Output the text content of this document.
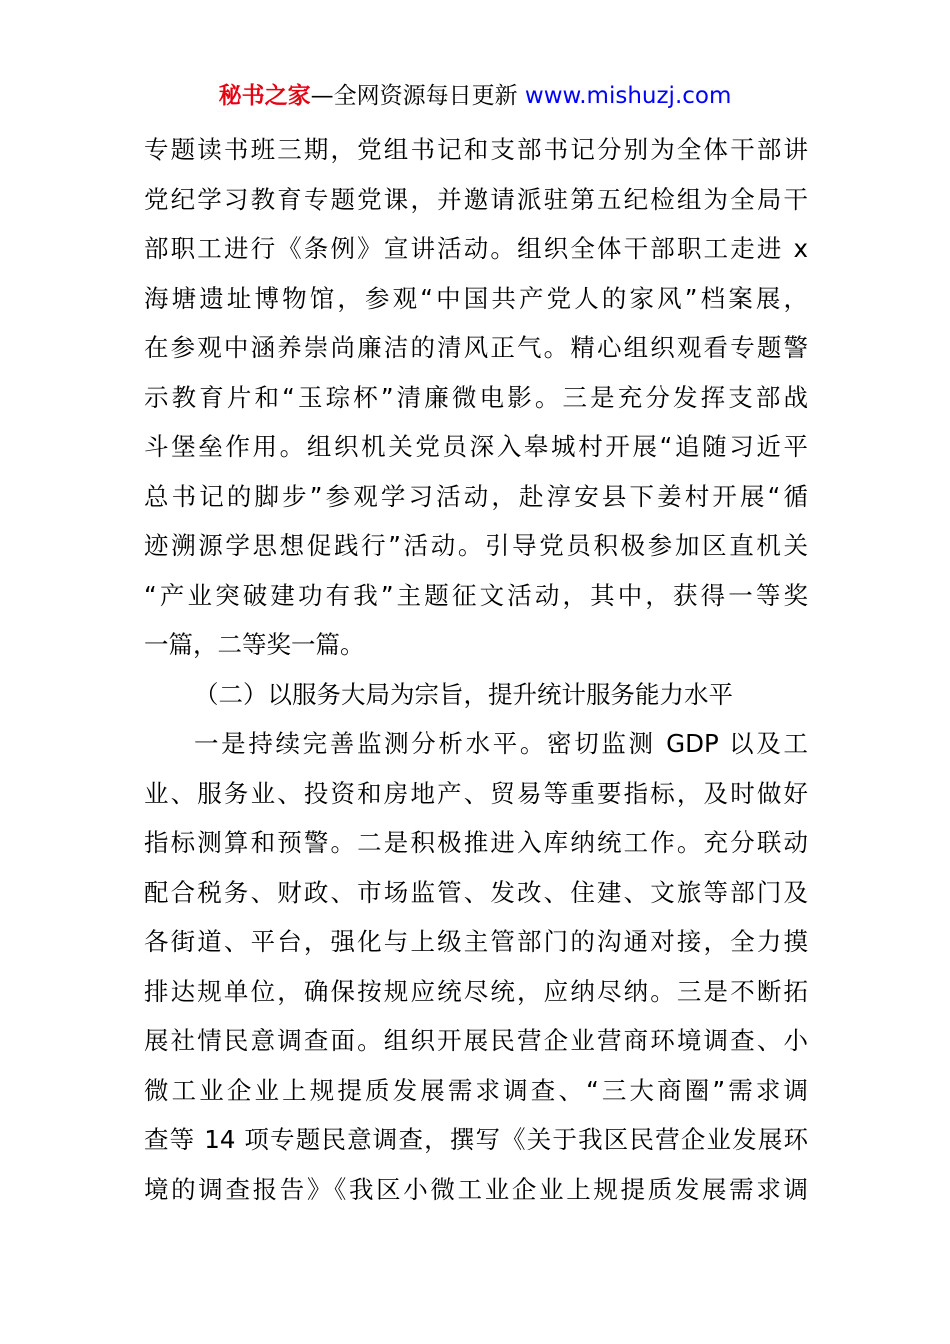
秘书之家—全网资源每日更新 www.mishuzj.com
专题读书班三期，党组书记和支部书记分别为全体干部讲
党纪学习教育专题党课，并邀请派驻第五纪检组为全局干
部职工进行《条例》宣讲活动。组织全体干部职工走进 x
海塘遗址博物馆，参观“中国共产党人的家风”档案展，
在参观中涵养崇尚廉洁的清风正气。精心组织观看专题警
示教育片和“玉琮杯”清廉微电影。三是充分发挥支部战
斗堡垒作用。组织机关党员深入皋城村开展“追随习近平
总书记的脚步”参观学习活动，赴淳安县下姜村开展“循
迹溯源学思想促践行”活动。引导党员积极参加区直机关
“产业突破建功有我”主题征文活动，其中，获得一等奖
一篇，二等奖一篇。
（二）以服务大局为宗旨，提升统计服务能力水平
一是持续完善监测分析水平。密切监测 GDP 以及工
业、服务业、投资和房地产、贸易等重要指标，及时做好
指标测算和预警。二是积极推进入库纳统工作。充分联动
配合税务、财政、市场监管、发改、住建、文旅等部门及
各街道、平台，强化与上级主管部门的沟通对接，全力摸
排达规单位，确保按规应统尽统，应纳尽纳。三是不断拓
展社情民意调查面。组织开展民营企业营商环境调查、小
微工业企业上规提质发展需求调查、“三大商圈”需求调
查等 14 项专题民意调查，撰写《关于我区民营企业发展环
境的调查报告》《我区小微工业企业上规提质发展需求调
